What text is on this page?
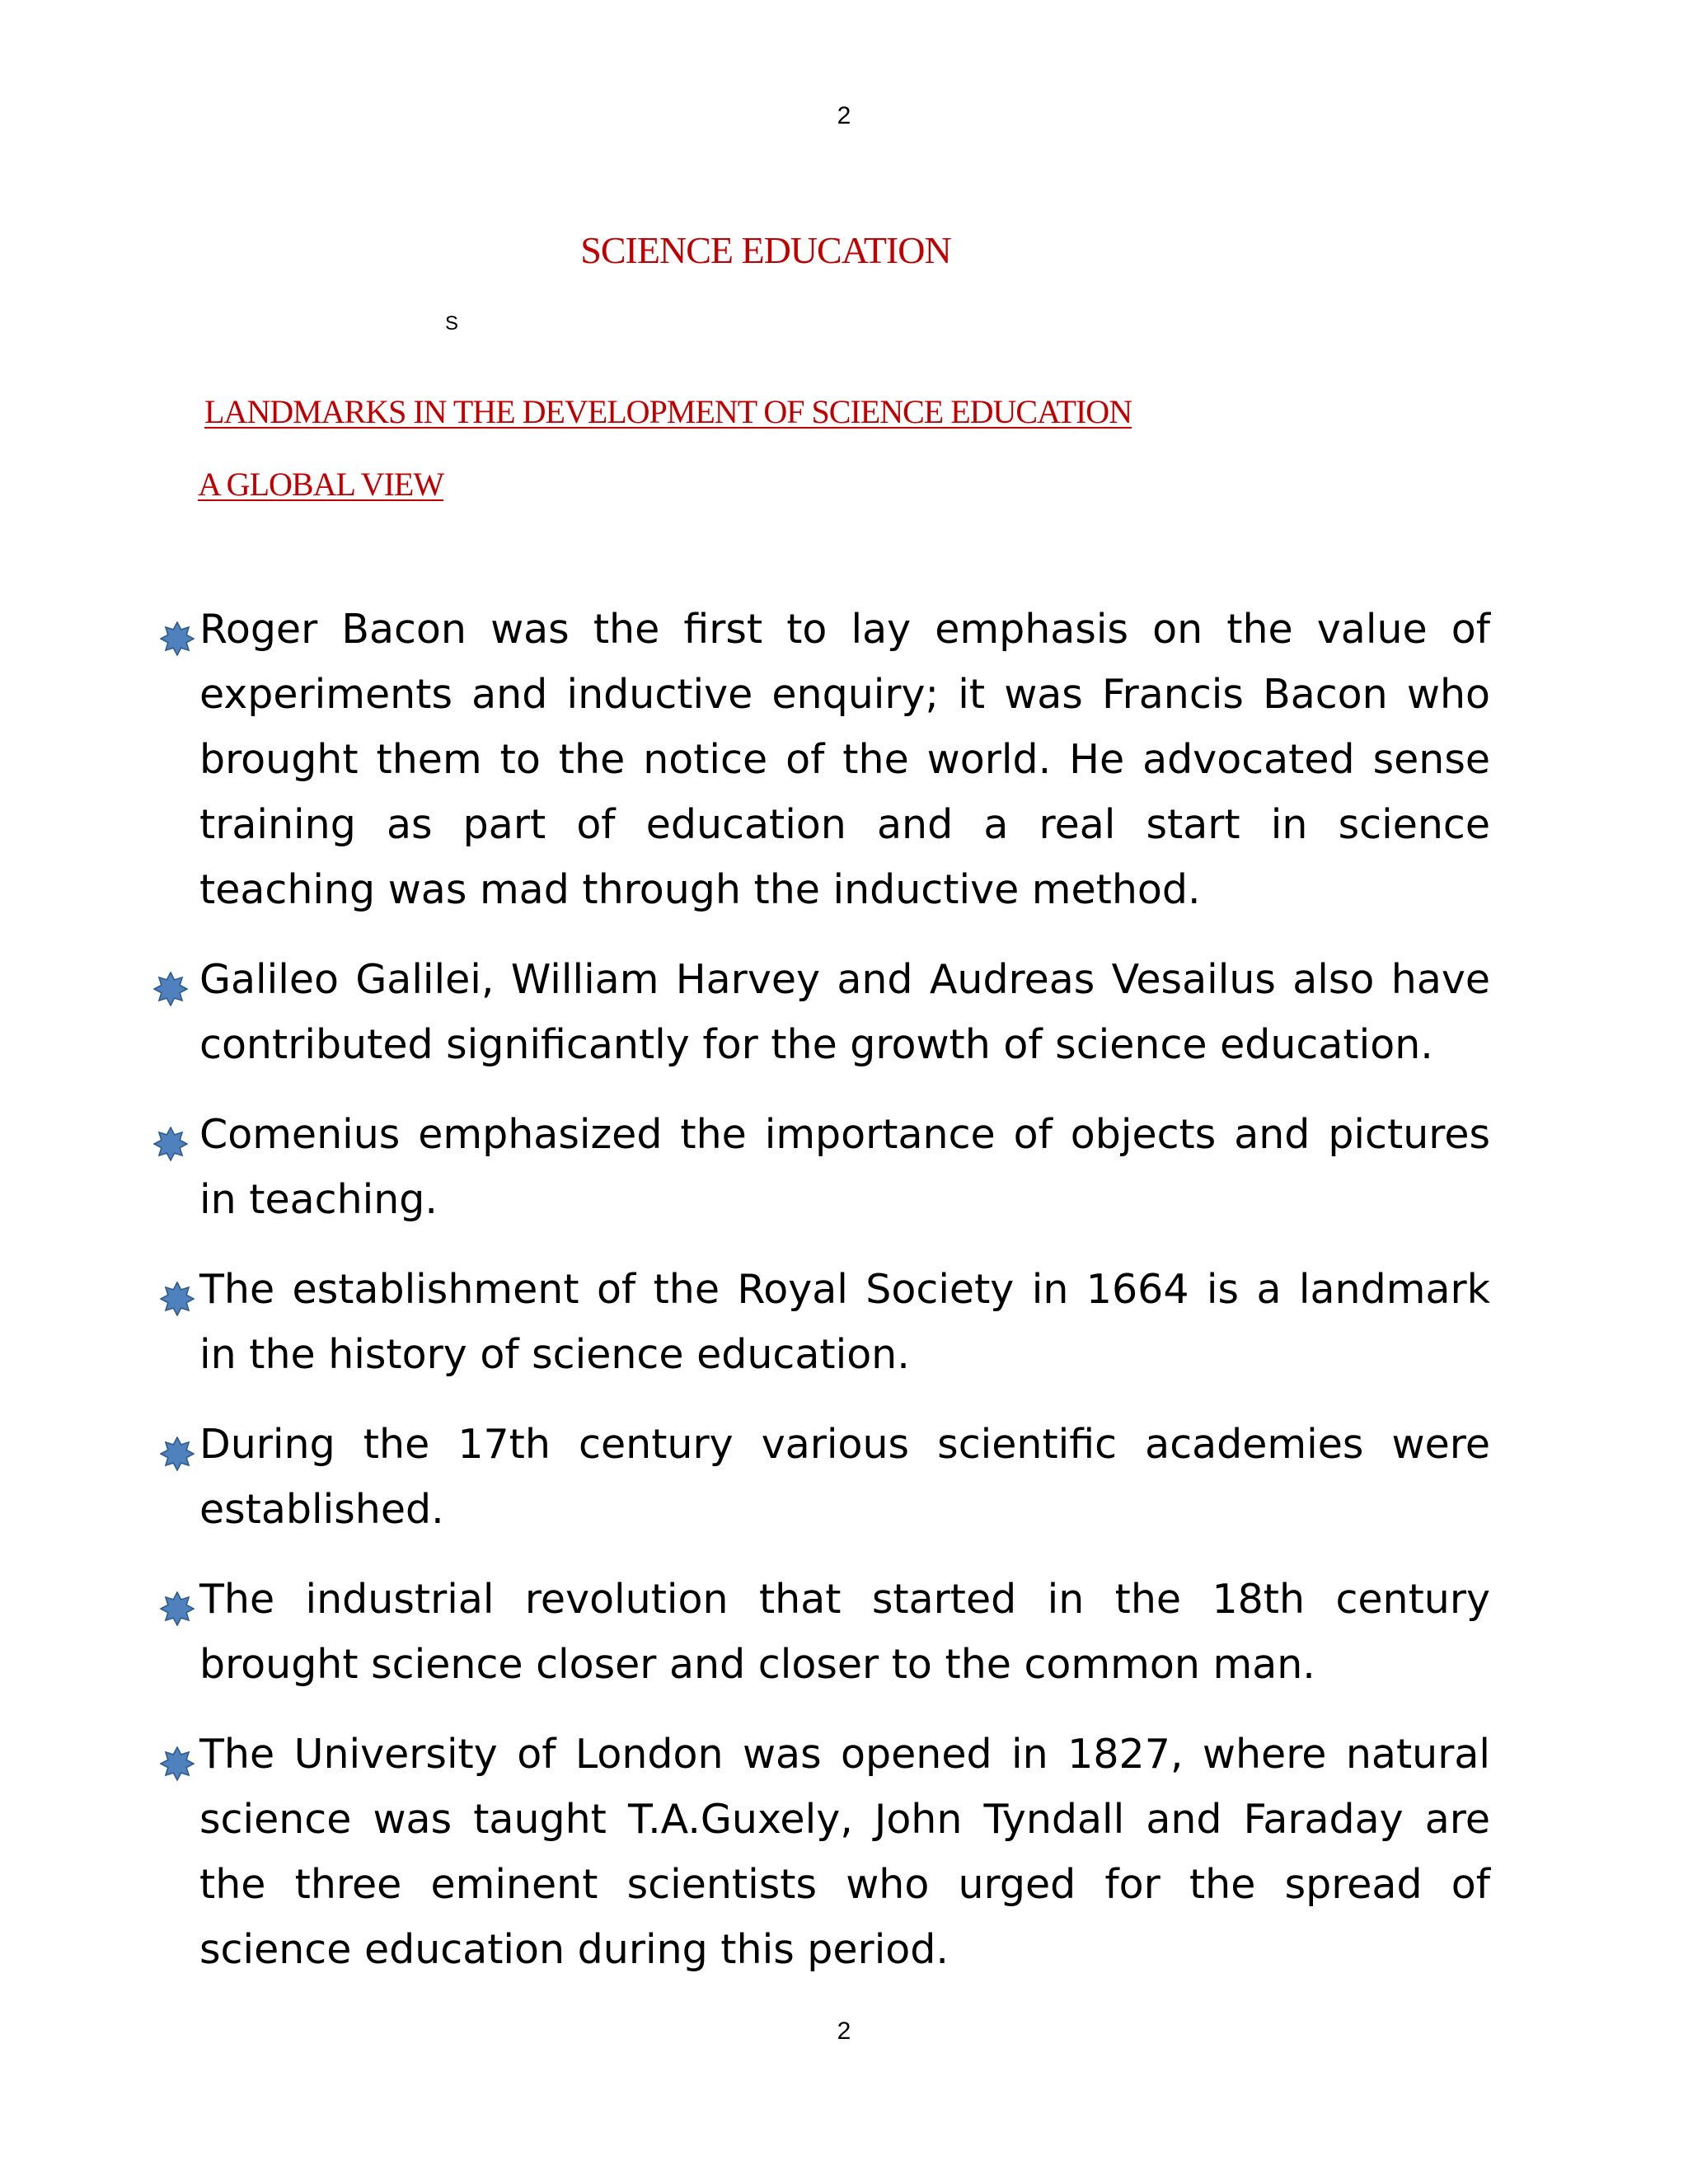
2
SCIENCE EDUCATION
S
LANDMARKS IN THE DEVELOPMENT OF SCIENCE EDUCATION
A GLOBAL VIEW
Roger Bacon was the first to lay emphasis on the value of experiments and inductive enquiry; it was Francis Bacon who brought them to the notice of the world. He advocated sense training as part of education and a real start in science teaching was mad through the inductive method.
Galileo Galilei, William Harvey and Audreas Vesailus also have contributed significantly for the growth of science education.
Comenius emphasized the importance of objects and pictures in teaching.
The establishment of the Royal Society in 1664 is a landmark in the history of science education.
During the 17th century various scientific academies were established.
The industrial revolution that started in the 18th century brought science closer and closer to the common man.
The University of London was opened in 1827, where natural science was taught T.A.Guxely, John Tyndall and Faraday are the three eminent scientists who urged for the spread of science education during this period.
2
